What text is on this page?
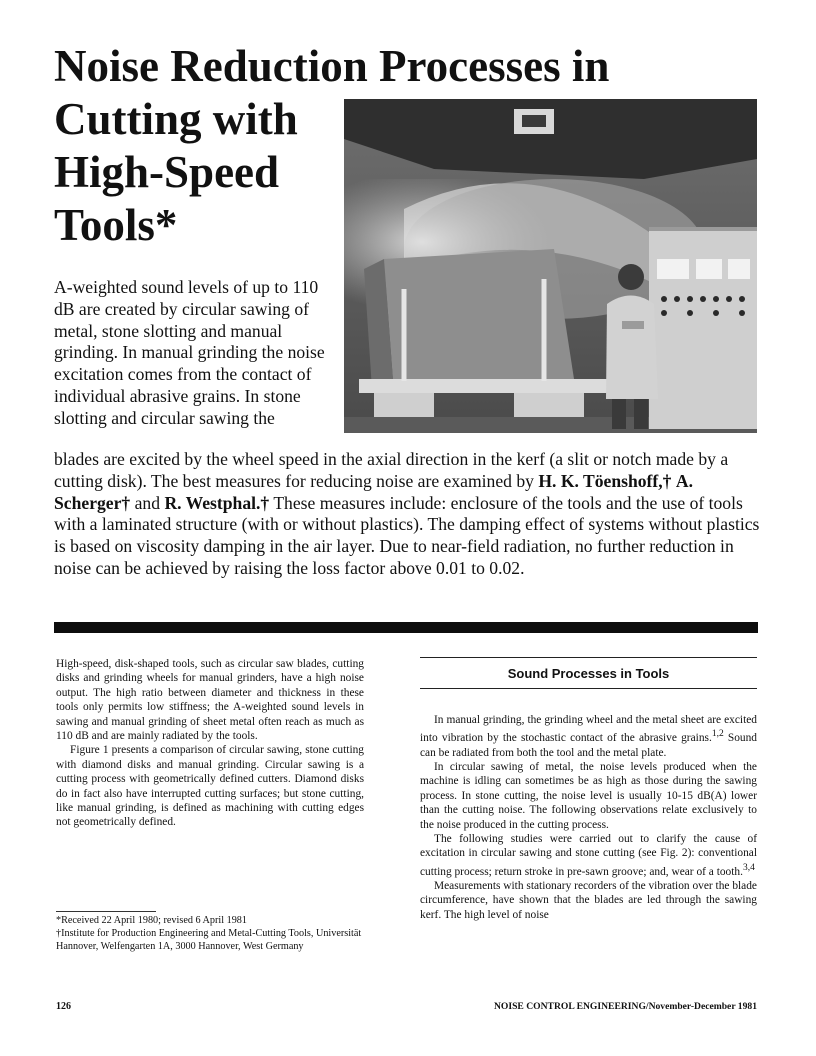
Noise Reduction Processes in
Cutting with
High-Speed
Tools*

A-weighted sound levels of up to 110 dB are created by circular sawing of metal, stone slotting and manual grinding. In manual grinding the noise excitation comes from the contact of individual abrasive grains. In stone slotting and circular sawing the

blades are excited by the wheel speed in the axial direction in the kerf (a slit or notch made by a cutting disk). The best measures for reducing noise are examined by H. K. Töenshoff,† A. Scherger† and R. Westphal.† These measures include: enclosure of the tools and the use of tools with a laminated structure (with or without plastics). The damping effect of systems without plastics is based on viscosity damping in the air layer. Due to near-field radiation, no further reduction in noise can be achieved by raising the loss factor above 0.01 to 0.02.

High-speed, disk-shaped tools, such as circular saw blades, cutting disks and grinding wheels for manual grinders, have a high noise output. The high ratio between diameter and thickness in these tools only permits low stiffness; the A-weighted sound levels in sawing and manual grinding of sheet metal often reach as much as 110 dB and are mainly radiated by the tools.

Figure 1 presents a comparison of circular sawing, stone cutting with diamond disks and manual grinding. Circular sawing is a cutting process with geometrically defined cutters. Diamond disks do in fact also have interrupted cutting surfaces; but stone cutting, like manual grinding, is defined as machining with cutting edges not geometrically defined.

*Received 22 April 1980; revised 6 April 1981

†Institute for Production Engineering and Metal-Cutting Tools, Universität Hannover, Welfengarten 1A, 3000 Hannover, West Germany

Sound Processes in Tools

In manual grinding, the grinding wheel and the metal sheet are excited into vibration by the stochastic contact of the abrasive grains.$^{1,2}$ Sound can be radiated from both the tool and the metal plate.

In circular sawing of metal, the noise levels produced when the machine is idling can sometimes be as high as those during the sawing process. In stone cutting, the noise level is usually 10-15 dB(A) lower than the cutting noise. The following observations relate exclusively to the noise produced in the cutting process.

The following studies were carried out to clarify the cause of excitation in circular sawing and stone cutting (see Fig. 2): conventional cutting process; return stroke in pre-sawn groove; and, wear of a tooth.$^{3,4}$

Measurements with stationary recorders of the vibration over the blade circumference, have shown that the blades are led through the sawing kerf. The high level of noise

126	NOISE CONTROL ENGINEERING/November-December 1981
